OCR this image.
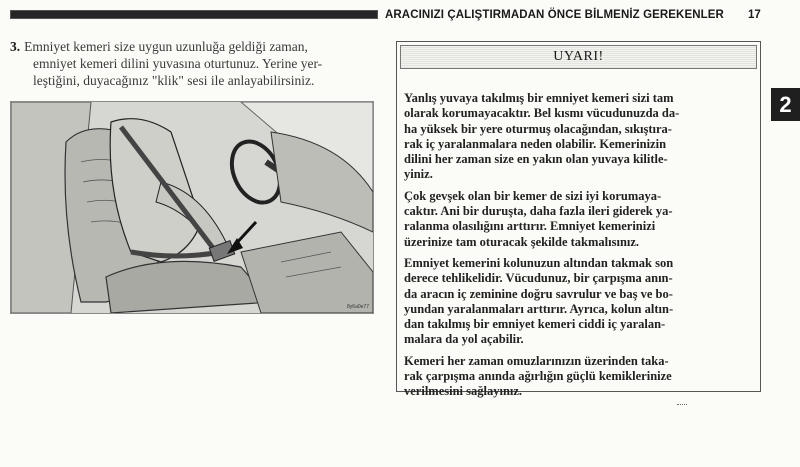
ARACINIZI ÇALIŞTIRMADAN ÖNCE BİLMENİZ GEREKENLER 17
3. Emniyet kemeri size uygun uzunluğa geldiği zaman,
emniyet kemeri dilini yuvasına oturtunuz. Yerine yer-
leştiğini, duyacağınız "klik" sesi ile anlayabilirsiniz.
8y6a0e77
UYARI!

Yanlış yuvaya takılmış bir emniyet kemeri sizi tam
olarak korumayacaktır. Bel kısmı vücudunuzda da-
ha yüksek bir yere oturmuş olacağından, sıkıştıra-
rak iç yaralanmalara neden olabilir. Kemerinizin
dilini her zaman size en yakın olan yuvaya kilitle-
yiniz.

Çok gevşek olan bir kemer de sizi iyi korumaya-
caktır. Ani bir duruşta, daha fazla ileri giderek ya-
ralanma olasılığını arttırır. Emniyet kemerinizi
üzerinize tam oturacak şekilde takmalısınız.

Emniyet kemerini kolunuzun altından takmak son
derece tehlikelidir. Vücudunuz, bir çarpışma anın-
da aracın iç zeminine doğru savrulur ve baş ve bo-
yundan yaralanmaları arttırır. Ayrıca, kolun altın-
dan takılmış bir emniyet kemeri ciddi iç yaralan-
malara da yol açabilir.

Kemeri her zaman omuzlarınızın üzerinden taka-
rak çarpışma anında ağırlığın güçlü kemiklerinize
verilmesini sağlayınız.

2
